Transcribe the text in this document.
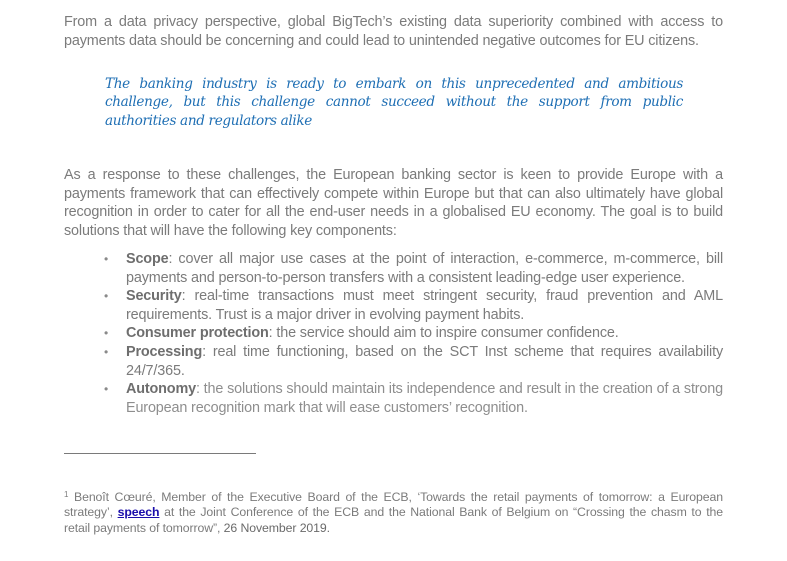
From a data privacy perspective, global BigTech’s existing data superiority combined with access to payments data should be concerning and could lead to unintended negative outcomes for EU citizens.
The banking industry is ready to embark on this unprecedented and ambitious challenge, but this challenge cannot succeed without the support from public authorities and regulators alike
As a response to these challenges, the European banking sector is keen to provide Europe with a payments framework that can effectively compete within Europe but that can also ultimately have global recognition in order to cater for all the end-user needs in a globalised EU economy. The goal is to build solutions that will have the following key components:
• Scope: cover all major use cases at the point of interaction, e-commerce, m-commerce, bill payments and person-to-person transfers with a consistent leading-edge user experience.
• Security: real-time transactions must meet stringent security, fraud prevention and AML requirements. Trust is a major driver in evolving payment habits.
• Consumer protection: the service should aim to inspire consumer confidence.
• Processing: real time functioning, based on the SCT Inst scheme that requires availability 24/7/365.
• Autonomy: the solutions should maintain its independence and result in the creation of a strong European recognition mark that will ease customers’ recognition.
$^1$ Benoît Cœuré, Member of the Executive Board of the ECB, ‘Towards the retail payments of tomorrow: a European strategy’, speech at the Joint Conference of the ECB and the National Bank of Belgium on “Crossing the chasm to the retail payments of tomorrow”, 26 November 2019.
